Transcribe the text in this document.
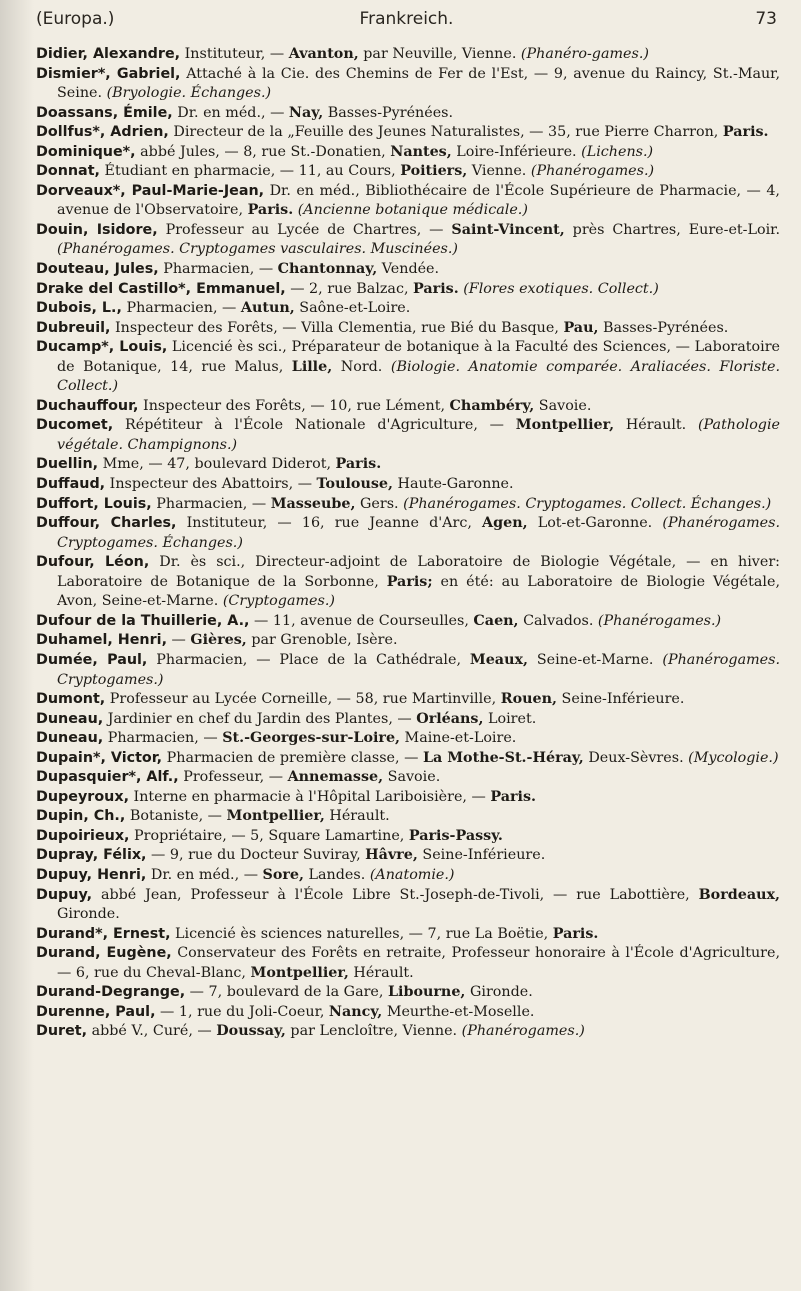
(Europa.)	Frankreich.	73
Didier, Alexandre, Instituteur, — Avanton, par Neuville, Vienne. (Phanéro-games.)
Dismier*, Gabriel, Attaché à la Cie. des Chemins de Fer de l'Est, — 9, avenue du Raincy, St.-Maur, Seine. (Bryologie. Échanges.)
Doassans, Émile, Dr. en méd., — Nay, Basses-Pyrénées.
Dollfus*, Adrien, Directeur de la „Feuille des Jeunes Naturalistes, — 35, rue Pierre Charron, Paris.
Dominique*, abbé Jules, — 8, rue St.-Donatien, Nantes, Loire-Inférieure. (Lichens.)
Donnat, Étudiant en pharmacie, — 11, au Cours, Poitiers, Vienne. (Phanérogames.)
Dorveaux*, Paul-Marie-Jean, Dr. en méd., Bibliothécaire de l'École Supérieure de Pharmacie, — 4, avenue de l'Observatoire, Paris. (Ancienne botanique médicale.)
Douin, Isidore, Professeur au Lycée de Chartres, — Saint-Vincent, près Chartres, Eure-et-Loir. (Phanérogames. Cryptogames vasculaires. Muscinées.)
Douteau, Jules, Pharmacien, — Chantonnay, Vendée.
Drake del Castillo*, Emmanuel, — 2, rue Balzac, Paris. (Flores exotiques. Collect.)
Dubois, L., Pharmacien, — Autun, Saône-et-Loire.
Dubreuil, Inspecteur des Forêts, — Villa Clementia, rue Bié du Basque, Pau, Basses-Pyrénées.
Ducamp*, Louis, Licencié ès sci., Préparateur de botanique à la Faculté des Sciences, — Laboratoire de Botanique, 14, rue Malus, Lille, Nord. (Biologie. Anatomie comparée. Araliacées. Floriste. Collect.)
Duchauffour, Inspecteur des Forêts, — 10, rue Lément, Chambéry, Savoie.
Ducomet, Répétiteur à l'École Nationale d'Agriculture, — Montpellier, Hérault. (Pathologie végétale. Champignons.)
Duellin, Mme, — 47, boulevard Diderot, Paris.
Duffaud, Inspecteur des Abattoirs, — Toulouse, Haute-Garonne.
Duffort, Louis, Pharmacien, — Masseube, Gers. (Phanérogames. Cryptogames. Collect. Échanges.)
Duffour, Charles, Instituteur, — 16, rue Jeanne d'Arc, Agen, Lot-et-Garonne. (Phanérogames. Cryptogames. Échanges.)
Dufour, Léon, Dr. ès sci., Directeur-adjoint de Laboratoire de Biologie Végétale, — en hiver: Laboratoire de Botanique de la Sorbonne, Paris; en été: au Laboratoire de Biologie Végétale, Avon, Seine-et-Marne. (Cryptogames.)
Dufour de la Thuillerie, A., — 11, avenue de Courseulles, Caen, Calvados. (Phanérogames.)
Duhamel, Henri, — Gières, par Grenoble, Isère.
Dumée, Paul, Pharmacien, — Place de la Cathédrale, Meaux, Seine-et-Marne. (Phanérogames. Cryptogames.)
Dumont, Professeur au Lycée Corneille, — 58, rue Martinville, Rouen, Seine-Inférieure.
Duneau, Jardinier en chef du Jardin des Plantes, — Orléans, Loiret.
Duneau, Pharmacien, — St.-Georges-sur-Loire, Maine-et-Loire.
Dupain*, Victor, Pharmacien de première classe, — La Mothe-St.-Héray, Deux-Sèvres. (Mycologie.)
Dupasquier*, Alf., Professeur, — Annemasse, Savoie.
Dupeyroux, Interne en pharmacie à l'Hôpital Lariboisière, — Paris.
Dupin, Ch., Botaniste, — Montpellier, Hérault.
Dupoirieux, Propriétaire, — 5, Square Lamartine, Paris-Passy.
Dupray, Félix, — 9, rue du Docteur Suviray, Hâvre, Seine-Inférieure.
Dupuy, Henri, Dr. en méd., — Sore, Landes. (Anatomie.)
Dupuy, abbé Jean, Professeur à l'École Libre St.-Joseph-de-Tivoli, — rue Labottière, Bordeaux, Gironde.
Durand*, Ernest, Licencié ès sciences naturelles, — 7, rue La Boëtie, Paris.
Durand, Eugène, Conservateur des Forêts en retraite, Professeur honoraire à l'École d'Agriculture, — 6, rue du Cheval-Blanc, Montpellier, Hérault.
Durand-Degrange, — 7, boulevard de la Gare, Libourne, Gironde.
Durenne, Paul, — 1, rue du Joli-Coeur, Nancy, Meurthe-et-Moselle.
Duret, abbé V., Curé, — Doussay, par Lencloître, Vienne. (Phanérogames.)
